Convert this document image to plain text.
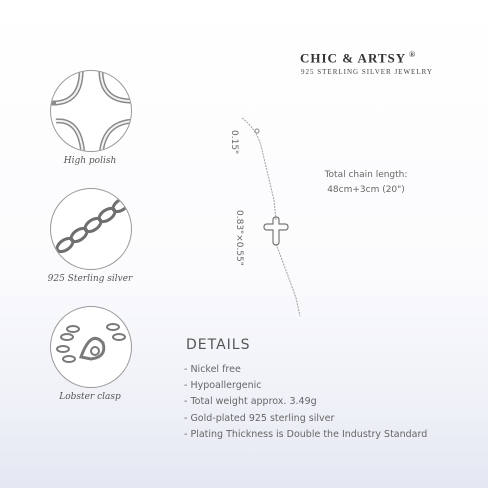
High polish
925 Sterling silver
Lobster clasp
CHIC & ARTSY ®
925 STERLING SILVER JEWELRY
0.15"
0.83"×0.55"
Total chain length:
48cm+3cm (20")
DETAILS
- Nickel free
- Hypoallergenic
- Total weight approx. 3.49g
- Gold-plated 925 sterling silver
- Plating Thickness is Double the Industry Standard
